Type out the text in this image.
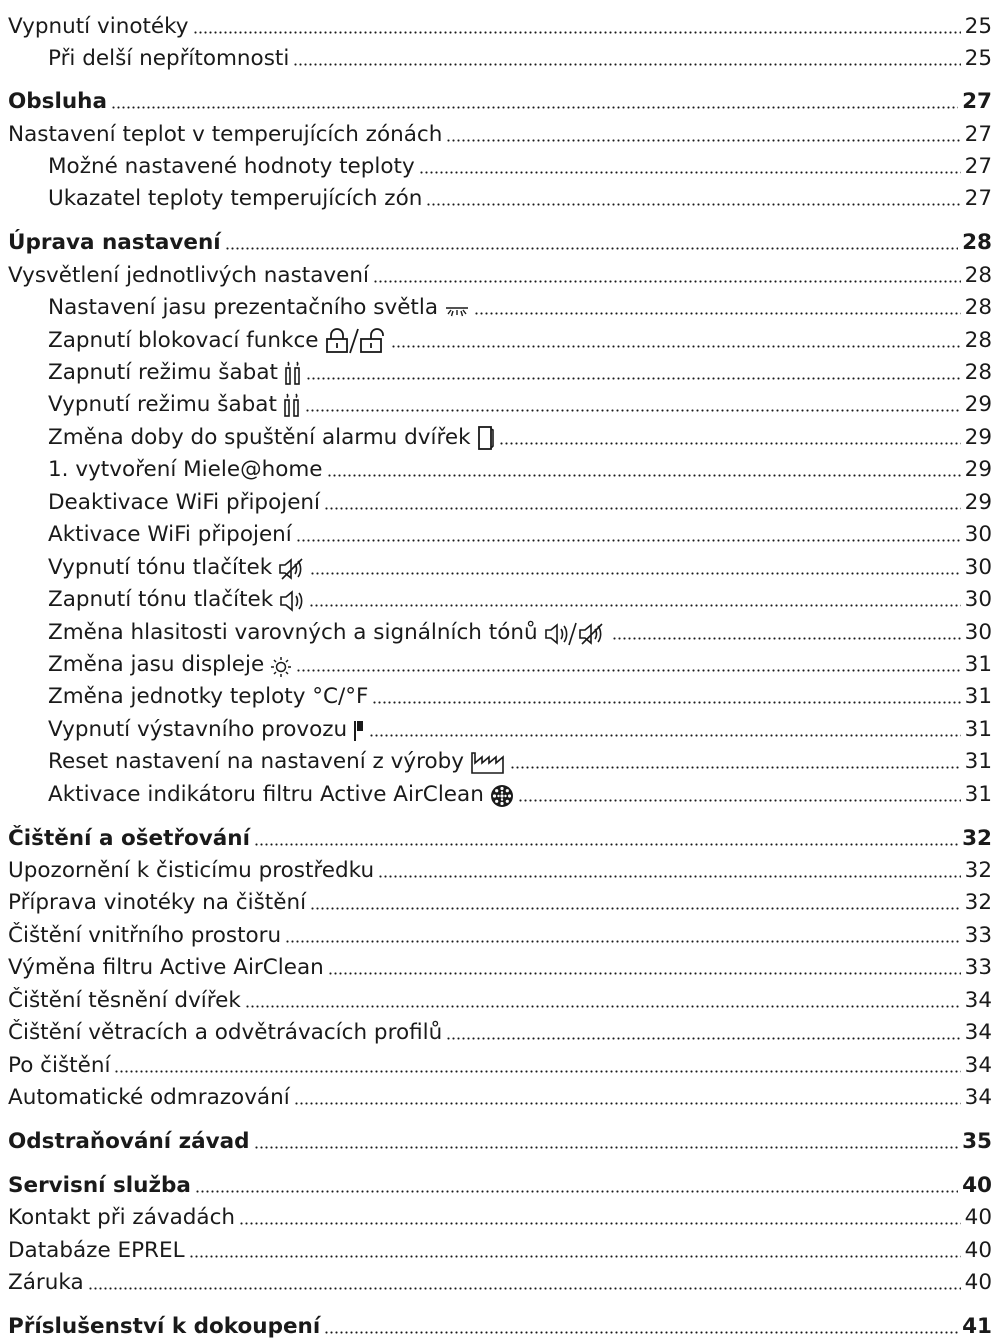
Vypnutí vinotéky	25
Při delší nepřítomnosti	25
Obsluha	27
Nastavení teplot v temperujících zónách	27
Možné nastavené hodnoty teploty	27
Ukazatel teploty temperujících zón	27
Úprava nastavení	28
Vysvětlení jednotlivých nastavení	28
Nastavení jasu prezentačního světla	28
Zapnutí blokovací funkce	28
Zapnutí režimu šabat	28
Vypnutí režimu šabat	29
Změna doby do spuštění alarmu dvířek	29
1. vytvoření Miele@home	29
Deaktivace WiFi připojení	29
Aktivace WiFi připojení	30
Vypnutí tónu tlačítek	30
Zapnutí tónu tlačítek	30
Změna hlasitosti varovných a signálních tónů	30
Změna jasu displeje	31
Změna jednotky teploty °C/°F	31
Vypnutí výstavního provozu	31
Reset nastavení na nastavení z výroby	31
Aktivace indikátoru filtru Active AirClean	31
Čištění a ošetřování	32
Upozornění k čisticímu prostředku	32
Příprava vinotéky na čištění	32
Čištění vnitřního prostoru	33
Výměna filtru Active AirClean	33
Čištění těsnění dvířek	34
Čištění větracích a odvětrávacích profilů	34
Po čištění	34
Automatické odmrazování	34
Odstraňování závad	35
Servisní služba	40
Kontakt při závadách	40
Databáze EPREL	40
Záruka	40
Příslušenství k dokoupení	41
